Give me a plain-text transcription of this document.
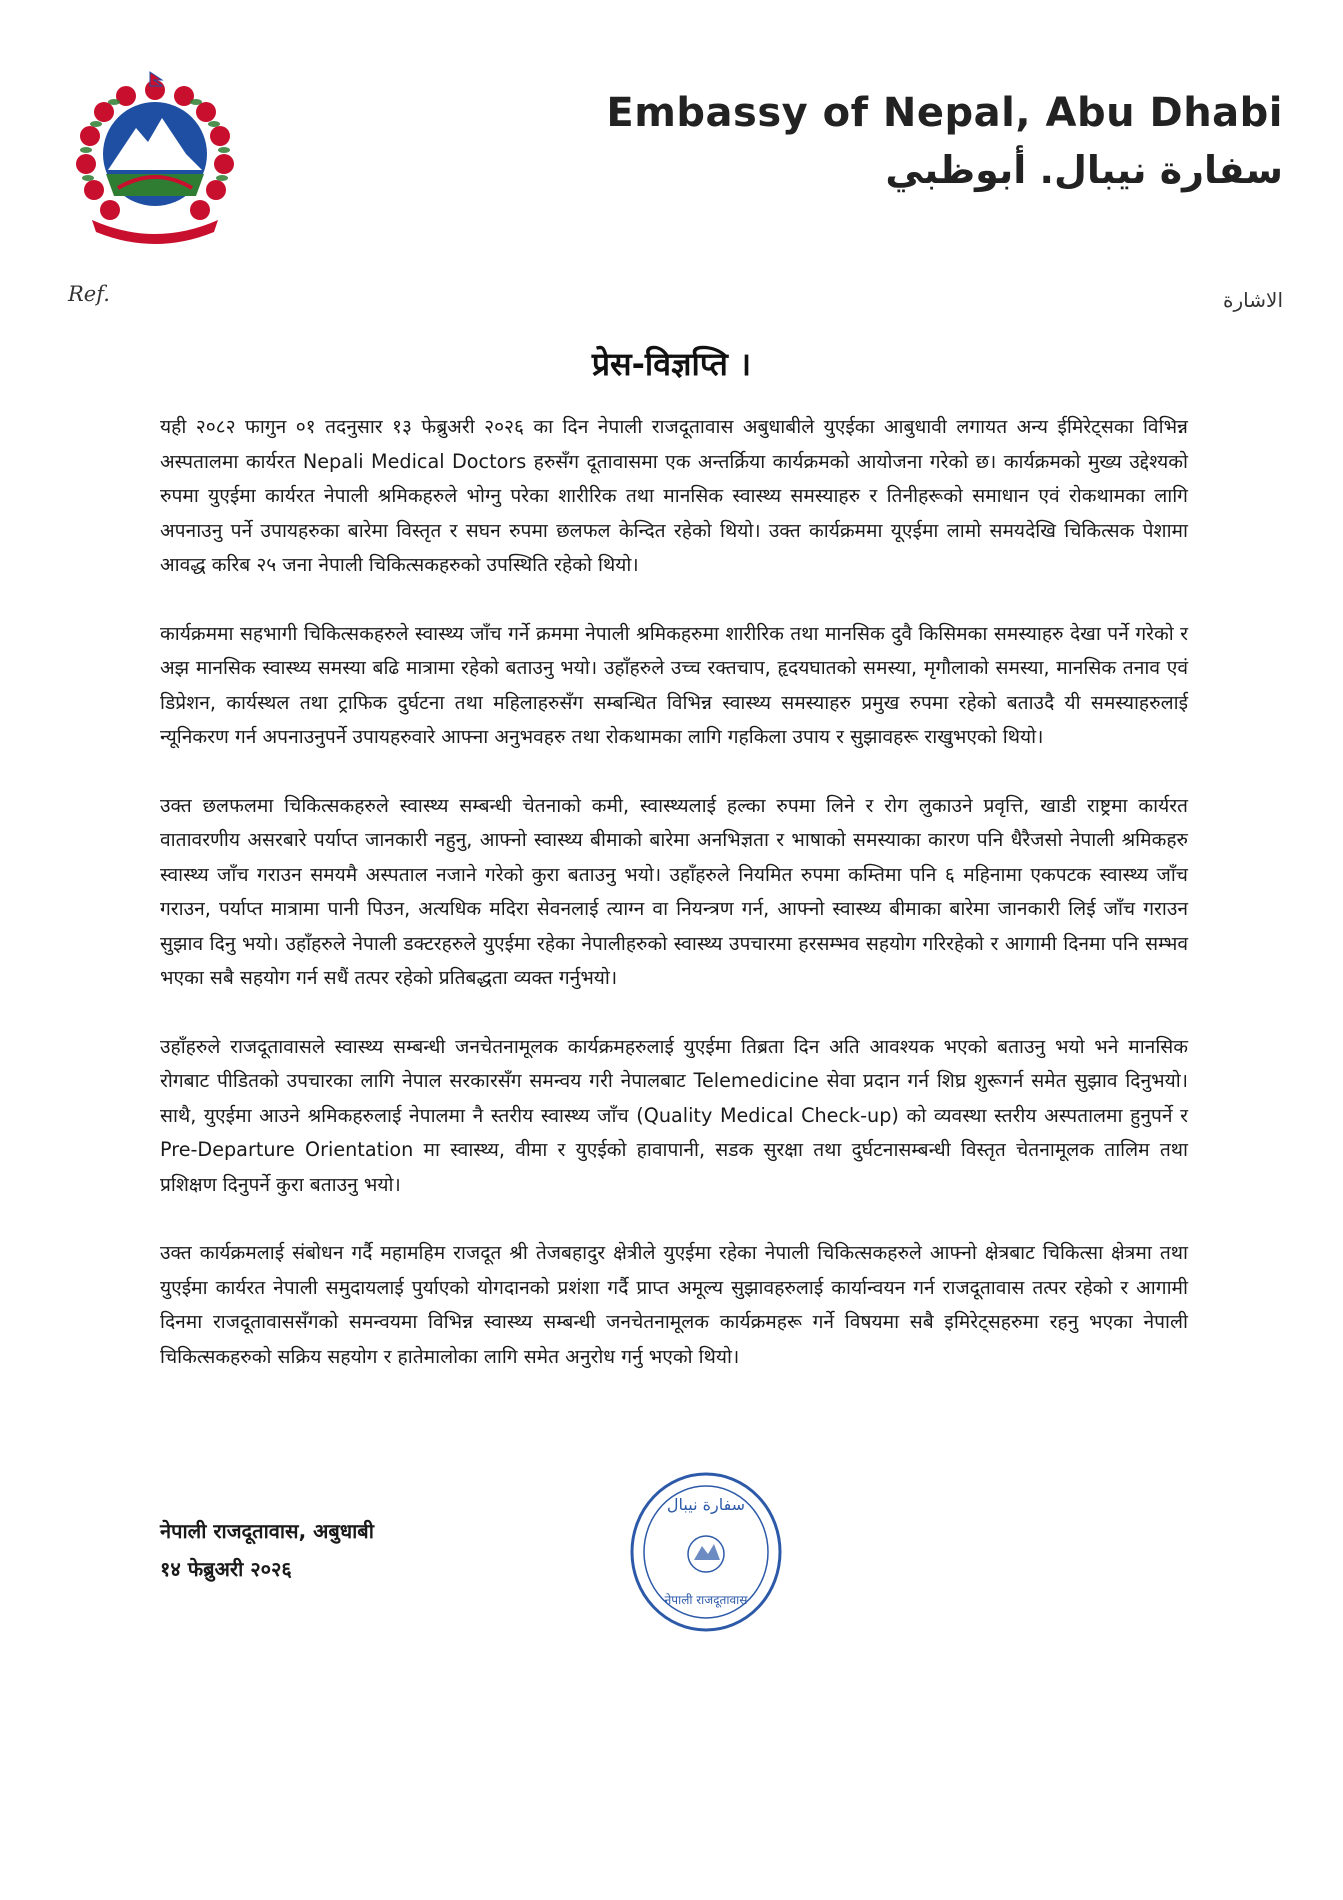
Embassy of Nepal, Abu Dhabi
سفارة نيبال. أبوظبي
Ref.	الاشارة
प्रेस-विज्ञप्ति ।

यही २०८२ फागुन ०१ तदनुसार १३ फेब्रुअरी २०२६ का दिन नेपाली राजदूतावास अबुधाबीले युएईका आबुधावी लगायत अन्य ईमिरेट्सका विभिन्न अस्पतालमा कार्यरत Nepali Medical Doctors हरुसँग दूतावासमा एक अन्तर्क्रिया कार्यक्रमको आयोजना गरेको छ। कार्यक्रमको मुख्य उद्देश्यको रुपमा युएईमा कार्यरत नेपाली श्रमिकहरुले भोग्नु परेका शारीरिक तथा मानसिक स्वास्थ्य समस्याहरु र तिनीहरूको समाधान एवं रोकथामका लागि अपनाउनु पर्ने उपायहरुका बारेमा विस्तृत र सघन रुपमा छलफल केन्दित रहेको थियो। उक्त कार्यक्रममा यूएईमा लामो समयदेखि चिकित्सक पेशामा आवद्ध करिब २५ जना नेपाली चिकित्सकहरुको उपस्थिति रहेको थियो।

कार्यक्रममा सहभागी चिकित्सकहरुले स्वास्थ्य जाँच गर्ने क्रममा नेपाली श्रमिकहरुमा शारीरिक तथा मानसिक दुवै किसिमका समस्याहरु देखा पर्ने गरेको र अझ मानसिक स्वास्थ्य समस्या बढि मात्रामा रहेको बताउनु भयो। उहाँहरुले उच्च रक्तचाप, हृदयघातको समस्या, मृगौलाको समस्या, मानसिक तनाव एवं डिप्रेशन, कार्यस्थल तथा ट्राफिक दुर्घटना तथा महिलाहरुसँग सम्बन्धित विभिन्न स्वास्थ्य समस्याहरु प्रमुख रुपमा रहेको बताउदै यी समस्याहरुलाई न्यूनिकरण गर्न अपनाउनुपर्ने उपायहरुवारे आफ्ना अनुभवहरु तथा रोकथामका लागि गहकिला उपाय र सुझावहरू राखुभएको थियो।

उक्त छलफलमा चिकित्सकहरुले स्वास्थ्य सम्बन्धी चेतनाको कमी, स्वास्थ्यलाई हल्का रुपमा लिने र रोग लुकाउने प्रवृत्ति, खाडी राष्ट्रमा कार्यरत वातावरणीय असरबारे पर्याप्त जानकारी नहुनु, आफ्नो स्वास्थ्य बीमाको बारेमा अनभिज्ञता र भाषाको समस्याका कारण पनि धैरैजसो नेपाली श्रमिकहरु स्वास्थ्य जाँच गराउन समयमै अस्पताल नजाने गरेको कुरा बताउनु भयो। उहाँहरुले नियमित रुपमा कम्तिमा पनि ६ महिनामा एकपटक स्वास्थ्य जाँच गराउन, पर्याप्त मात्रामा पानी पिउन, अत्यधिक मदिरा सेवनलाई त्याग्न वा नियन्त्रण गर्न, आफ्नो स्वास्थ्य बीमाका बारेमा जानकारी लिई जाँच गराउन सुझाव दिनु भयो। उहाँहरुले नेपाली डक्टरहरुले युएईमा रहेका नेपालीहरुको स्वास्थ्य उपचारमा हरसम्भव सहयोग गरिरहेको र आगामी दिनमा पनि सम्भव भएका सबै सहयोग गर्न सधैं तत्पर रहेको प्रतिबद्धता व्यक्त गर्नुभयो।

उहाँहरुले राजदूतावासले स्वास्थ्य सम्बन्धी जनचेतनामूलक कार्यक्रमहरुलाई युएईमा तिब्रता दिन अति आवश्यक भएको बताउनु भयो भने मानसिक रोगबाट पीडितको उपचारका लागि नेपाल सरकारसँग समन्वय गरी नेपालबाट Telemedicine सेवा प्रदान गर्न शिघ्र शुरूगर्न समेत सुझाव दिनुभयो। साथै, युएईमा आउने श्रमिकहरुलाई नेपालमा नै स्तरीय स्वास्थ्य जाँच (Quality Medical Check-up) को व्यवस्था स्तरीय अस्पतालमा हुनुपर्ने र Pre-Departure Orientation मा स्वास्थ्य, वीमा र युएईको हावापानी, सडक सुरक्षा तथा दुर्घटनासम्बन्धी विस्तृत चेतनामूलक तालिम तथा प्रशिक्षण दिनुपर्ने कुरा बताउनु भयो।

उक्त कार्यक्रमलाई संबोधन गर्दै महामहिम राजदूत श्री तेजबहादुर क्षेत्रीले युएईमा रहेका नेपाली चिकित्सकहरुले आफ्नो क्षेत्रबाट चिकित्सा क्षेत्रमा तथा युएईमा कार्यरत नेपाली समुदायलाई पुर्याएको योगदानको प्रशंशा गर्दै प्राप्त अमूल्य सुझावहरुलाई कार्यान्वयन गर्न राजदूतावास तत्पर रहेको र आगामी दिनमा राजदूतावाससँगको समन्वयमा विभिन्न स्वास्थ्य सम्बन्धी जनचेतनामूलक कार्यक्रमहरू गर्ने विषयमा सबै इमिरेट्सहरुमा रहनु भएका नेपाली चिकित्सकहरुको सक्रिय सहयोग र हातेमालोका लागि समेत अनुरोध गर्नु भएको थियो।

नेपाली राजदूतावास, अबुधाबी
१४ फेब्रुअरी २०२६
سفارة نيبال
नेपाली राजदूतावास
